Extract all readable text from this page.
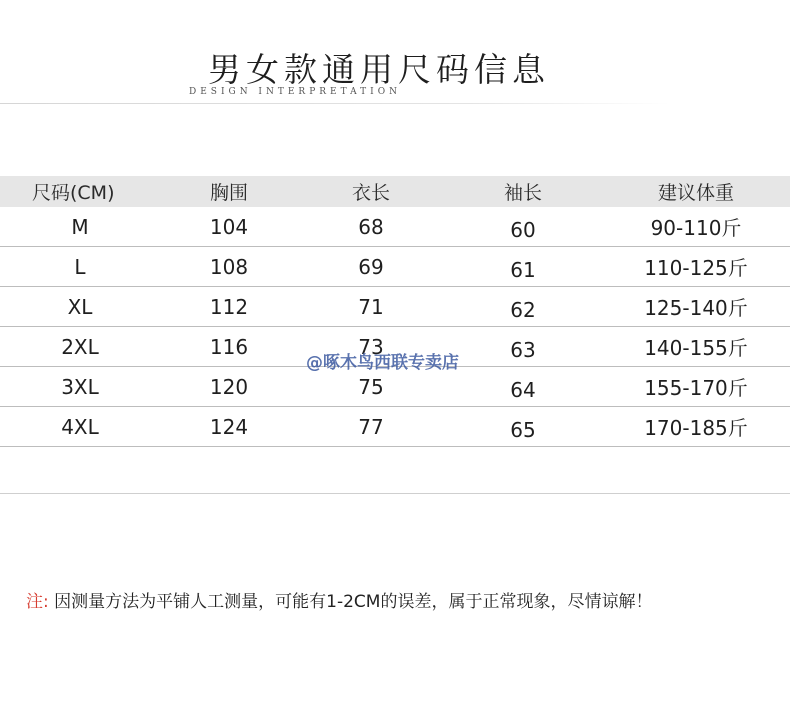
男女款通用尺码信息
DESIGN INTERPRETATION
尺码(CM)	胸围	衣长	袖长	建议体重
M	104	68	60	90-110斤
L	108	69	61	110-125斤
XL	112	71	62	125-140斤
2XL	116	73	63	140-155斤
3XL	120	75	64	155-170斤
4XL	124	77	65	170-185斤
@啄木鸟西联专卖店
注: 因测量方法为平铺人工测量，可能有1-2CM的误差，属于正常现象，尽情谅解！
